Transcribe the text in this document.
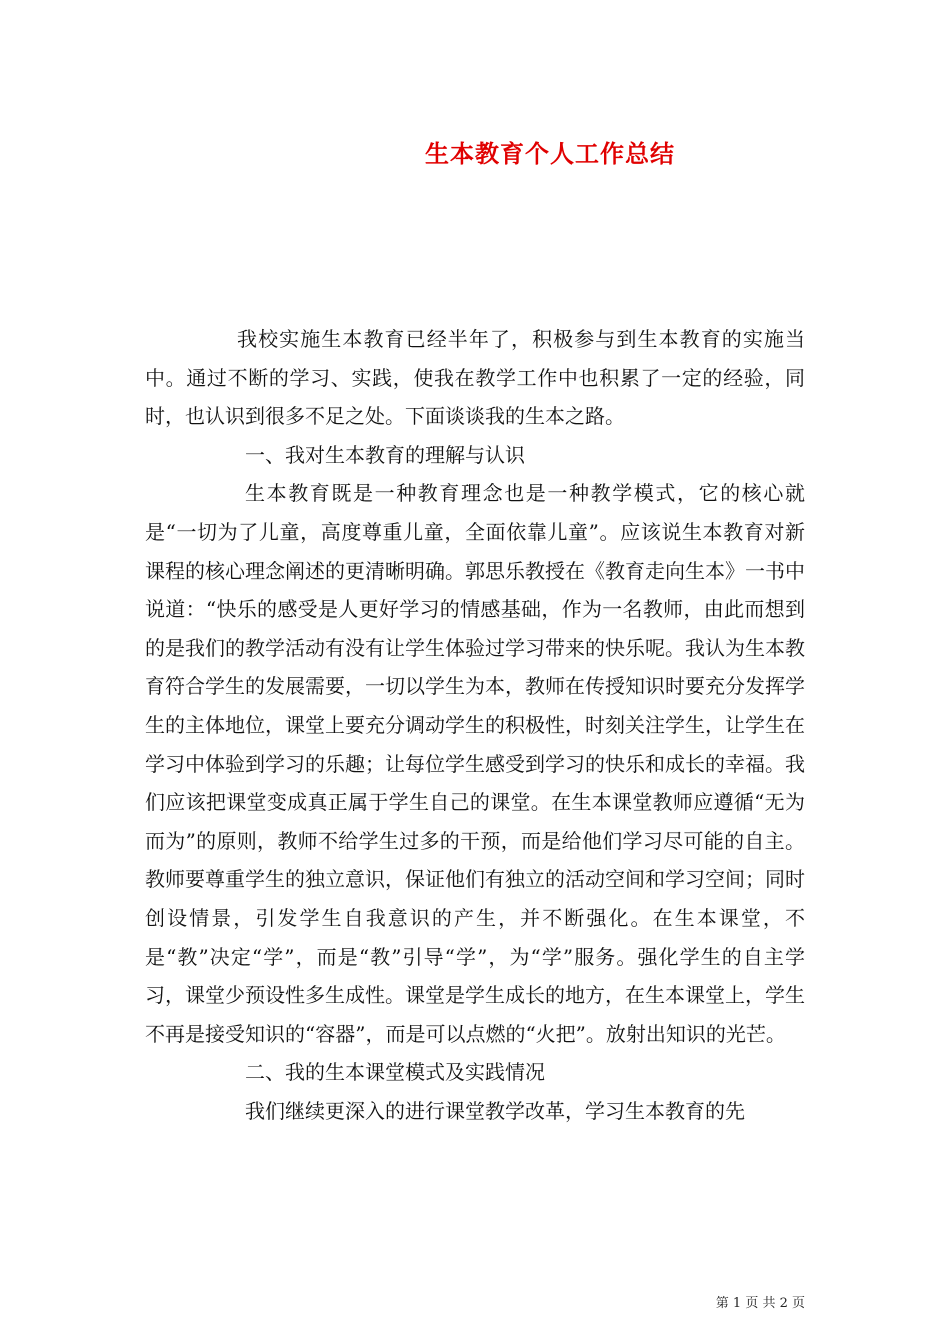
生本教育个人工作总结

我校实施生本教育已经半年了，积极参与到生本教育的实施当中。通过不断的学习、实践，使我在教学工作中也积累了一定的经验，同时，也认识到很多不足之处。下面谈谈我的生本之路。

一、我对生本教育的理解与认识

生本教育既是一种教育理念也是一种教学模式，它的核心就是“一切为了儿童，高度尊重儿童，全面依靠儿童”。应该说生本教育对新课程的核心理念阐述的更清晰明确。郭思乐教授在《教育走向生本》一书中说道：“快乐的感受是人更好学习的情感基础，作为一名教师，由此而想到的是我们的教学活动有没有让学生体验过学习带来的快乐呢。我认为生本教育符合学生的发展需要，一切以学生为本，教师在传授知识时要充分发挥学生的主体地位，课堂上要充分调动学生的积极性，时刻关注学生，让学生在学习中体验到学习的乐趣；让每位学生感受到学习的快乐和成长的幸福。我们应该把课堂变成真正属于学生自己的课堂。在生本课堂教师应遵循“无为而为”的原则，教师不给学生过多的干预，而是给他们学习尽可能的自主。教师要尊重学生的独立意识，保证他们有独立的活动空间和学习空间；同时创设情景，引发学生自我意识的产生，并不断强化。在生本课堂，不是“教”决定“学”，而是“教”引导“学”，为“学”服务。强化学生的自主学习，课堂少预设性多生成性。课堂是学生成长的地方，在生本课堂上，学生不再是接受知识的“容器”，而是可以点燃的“火把”。放射出知识的光芒。

二、我的生本课堂模式及实践情况

我们继续更深入的进行课堂教学改革，学习生本教育的先

第 1 页 共 2 页
